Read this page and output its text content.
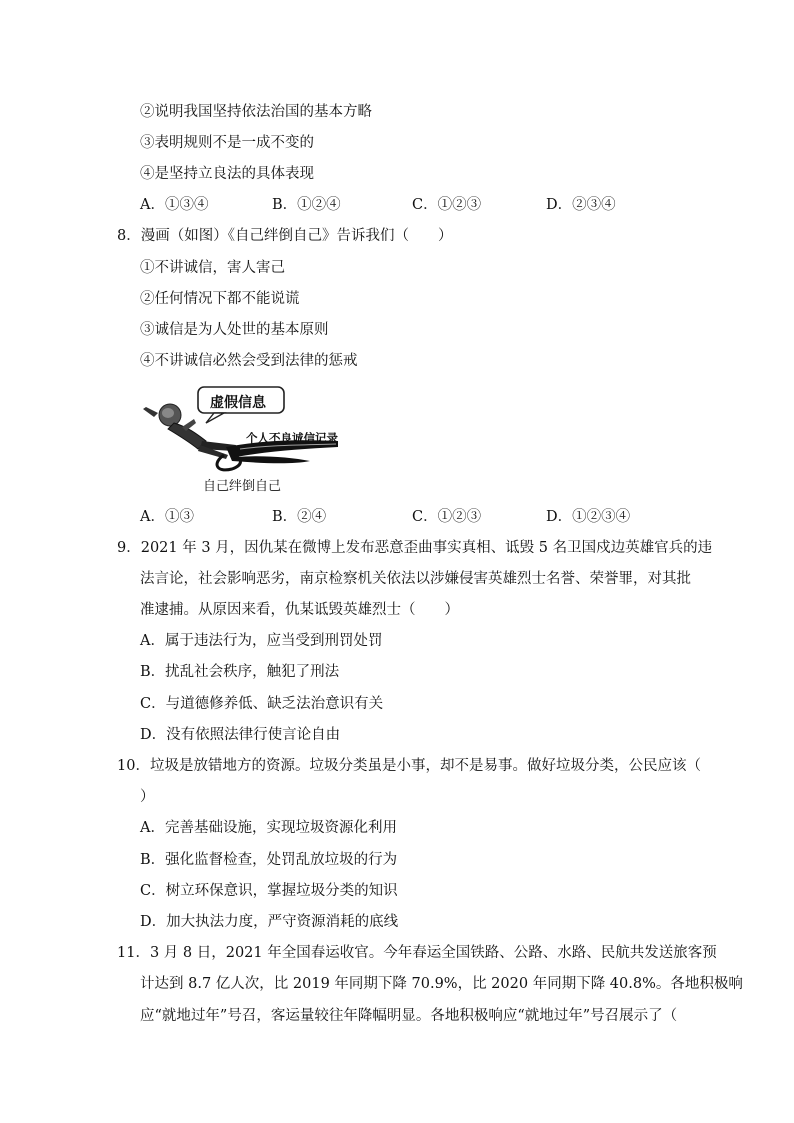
②说明我国坚持依法治国的基本方略
③表明规则不是一成不变的
④是坚持立良法的具体表现
A．①③④	B．①②④	C．①②③	D．②③④
8．漫画（如图）《自己绊倒自己》告诉我们（　　）
①不讲诚信，害人害己
②任何情况下都不能说谎
③诚信是为人处世的基本原则
④不讲诚信必然会受到法律的惩戒
虚假信息
个人不良诚信记录
自己绊倒自己
A．①③	B．②④	C．①②③	D．①②③④
9．2021 年 3 月，因仇某在微博上发布恶意歪曲事实真相、诋毁 5 名卫国戍边英雄官兵的违
法言论，社会影响恶劣，南京检察机关依法以涉嫌侵害英雄烈士名誉、荣誉罪，对其批
准逮捕。从原因来看，仇某诋毁英雄烈士（　　）
A．属于违法行为，应当受到刑罚处罚
B．扰乱社会秩序，触犯了刑法
C．与道德修养低、缺乏法治意识有关
D．没有依照法律行使言论自由
10．垃圾是放错地方的资源。垃圾分类虽是小事，却不是易事。做好垃圾分类，公民应该（
）
A．完善基础设施，实现垃圾资源化利用
B．强化监督检查，处罚乱放垃圾的行为
C．树立环保意识，掌握垃圾分类的知识
D．加大执法力度，严守资源消耗的底线
11．3 月 8 日，2021 年全国春运收官。今年春运全国铁路、公路、水路、民航共发送旅客预
计达到 8.7 亿人次，比 2019 年同期下降 70.9%，比 2020 年同期下降 40.8%。各地积极响
应“就地过年”号召，客运量较往年降幅明显。各地积极响应“就地过年”号召展示了（
